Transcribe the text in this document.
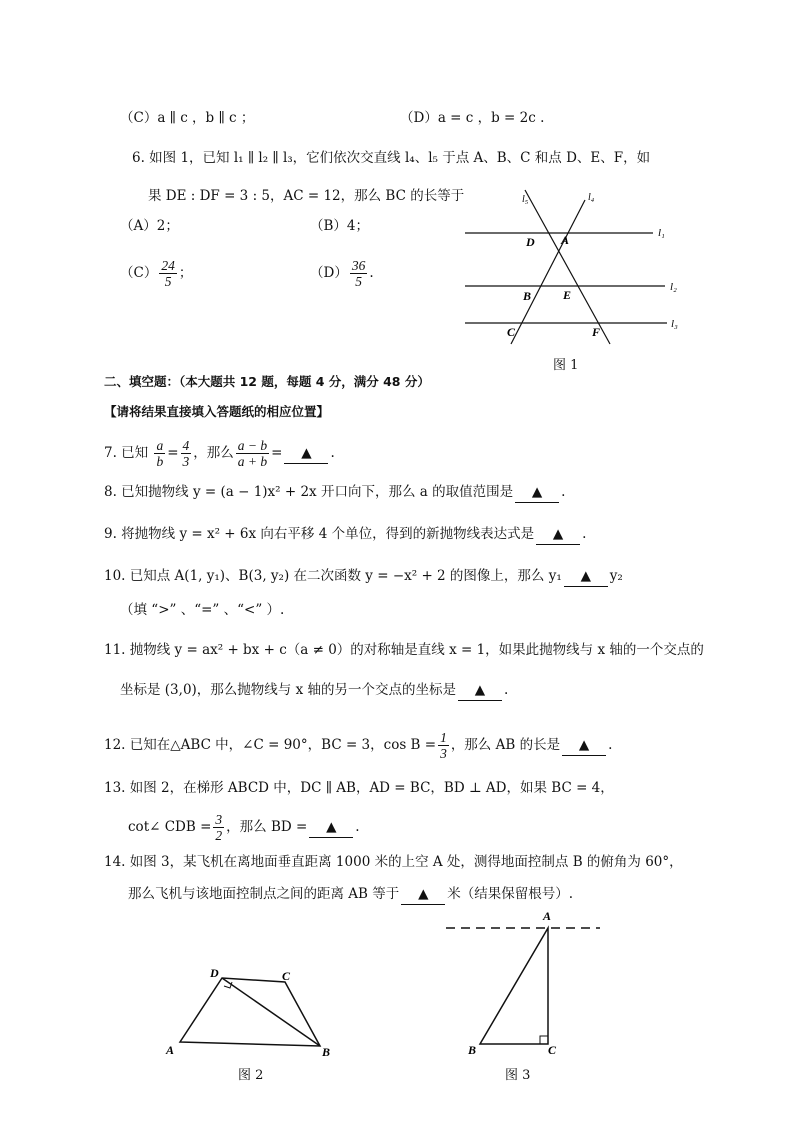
（C）a ∥ c ，b ∥ c ；	（D）a = c ，b = 2c .
6. 如图 1，已知 l₁ ∥ l₂ ∥ l₃，它们依次交直线 l₄、l₅ 于点 A、B、C 和点 D、E、F，如
果 DE : DF = 3 : 5，AC = 12，那么 BC 的长等于
（A）2；	（B）4；
$(C) \frac{24}{5}$ ；	$(D) \frac{36}{5}$ .
l₅	l₄
l₁
l₂
l₃
D A
B	E
C	F
图 1
二、填空题：（本大题共 12 题，每题 4 分，满分 48 分）
【请将结果直接填入答题纸的相应位置】
7. 已知 $\frac{a}{b} = \frac{4}{3}$ ，那么 $\frac{a - b}{a + b}$ = ▲ .
8. 已知抛物线 y = (a − 1)x² + 2x 开口向下，那么 a 的取值范围是 ▲ .
9. 将抛物线 y = x² + 6x 向右平移 4 个单位，得到的新抛物线表达式是 ▲ .
10. 已知点 A(1, y₁)、B(3, y₂) 在二次函数 y = −x² + 2 的图像上，那么 y₁ ▲ y₂
（填 “>” 、“=” 、“<” ）.
11. 抛物线 y = ax² + bx + c（a ≠ 0）的对称轴是直线 x = 1，如果此抛物线与 x 轴的一个交点的
坐标是 (3,0)，那么抛物线与 x 轴的另一个交点的坐标是 ▲ .
12. 已知在△ABC 中，∠C = 90°，BC = 3，$\cos B = \frac{1}{3}$ ，那么 AB 的长是 ▲ .
13. 如图 2，在梯形 ABCD 中，DC ∥ AB，AD = BC，BD ⊥ AD，如果 BC = 4，
cot∠ CDB = $\frac{3}{2}$ ，那么 BD = ▲ .
14. 如图 3，某飞机在离地面垂直距离 1000 米的上空 A 处，测得地面控制点 B 的俯角为 60°，
那么飞机与该地面控制点之间的距离 AB 等于 ▲ 米（结果保留根号）.
A	B
C
D
图 2
A
B	C
图 3
